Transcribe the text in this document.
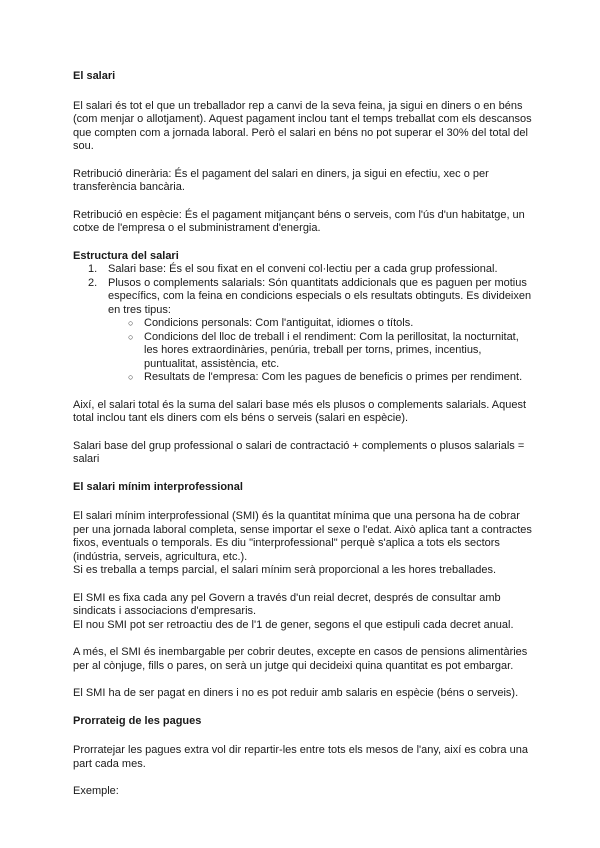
El salari

El salari és tot el que un treballador rep a canvi de la seva feina, ja sigui en diners o en béns (com menjar o allotjament). Aquest pagament inclou tant el temps treballat com els descansos que compten com a jornada laboral. Però el salari en béns no pot superar el 30% del total del sou.

Retribució dinerària: És el pagament del salari en diners, ja sigui en efectiu, xec o per transferència bancària.

Retribució en espècie: És el pagament mitjançant béns o serveis, com l'ús d'un habitatge, un cotxe de l'empresa o el subministrament d'energia.

Estructura del salari
1. Salari base: És el sou fixat en el conveni col·lectiu per a cada grup professional.
2. Plusos o complements salarials: Són quantitats addicionals que es paguen per motius específics, com la feina en condicions especials o els resultats obtinguts. Es divideixen en tres tipus:
○ Condicions personals: Com l'antiguitat, idiomes o títols.
○ Condicions del lloc de treball i el rendiment: Com la perillositat, la nocturnitat, les hores extraordinàries, penúria, treball per torns, primes, incentius, puntualitat, assistència, etc.
○ Resultats de l'empresa: Com les pagues de beneficis o primes per rendiment.

Així, el salari total és la suma del salari base més els plusos o complements salarials. Aquest total inclou tant els diners com els béns o serveis (salari en espècie).

Salari base del grup professional o salari de contractació + complements o plusos salarials = salari

El salari mínim interprofessional

El salari mínim interprofessional (SMI) és la quantitat mínima que una persona ha de cobrar per una jornada laboral completa, sense importar el sexe o l'edat. Això aplica tant a contractes fixos, eventuals o temporals. Es diu "interprofessional" perquè s'aplica a tots els sectors (indústria, serveis, agricultura, etc.).

Si es treballa a temps parcial, el salari mínim serà proporcional a les hores treballades.

El SMI es fixa cada any pel Govern a través d'un reial decret, després de consultar amb sindicats i associacions d'empresaris.

El nou SMI pot ser retroactiu des de l'1 de gener, segons el que estipuli cada decret anual.

A més, el SMI és inembargable per cobrir deutes, excepte en casos de pensions alimentàries per al cònjuge, fills o pares, on serà un jutge qui decideixi quina quantitat es pot embargar.

El SMI ha de ser pagat en diners i no es pot reduir amb salaris en espècie (béns o serveis).

Prorrateig de les pagues

Prorratejar les pagues extra vol dir repartir-les entre tots els mesos de l'any, així es cobra una part cada mes.

Exemple:
